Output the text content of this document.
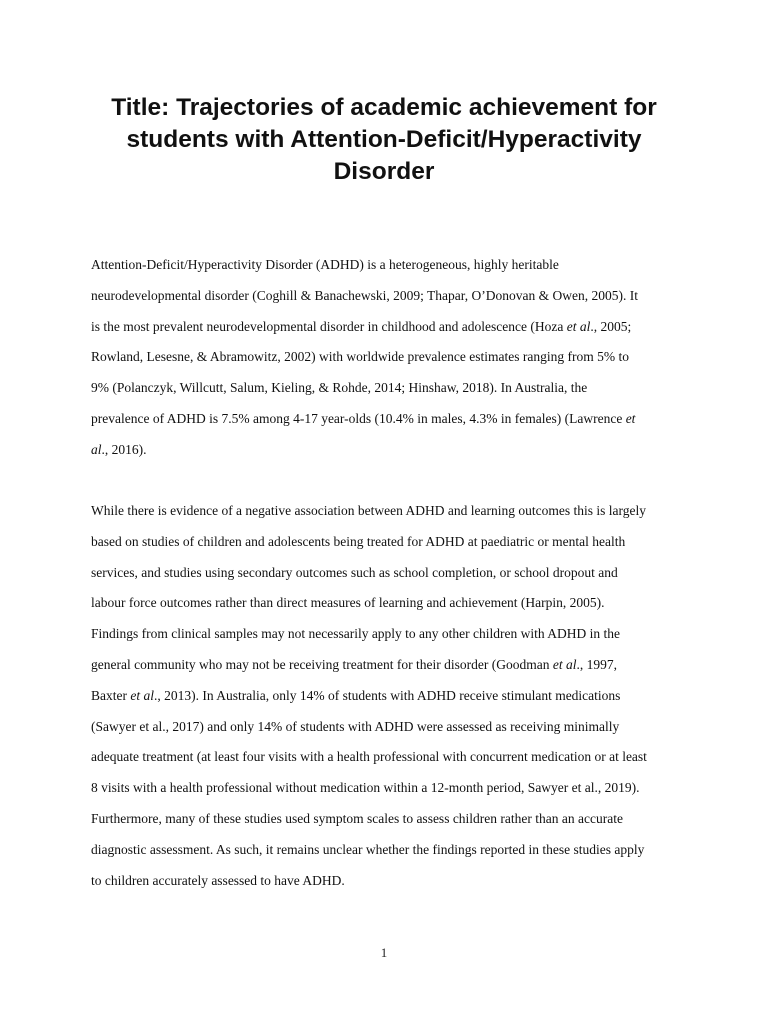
Title: Trajectories of academic achievement for
students with Attention-Deficit/Hyperactivity
Disorder

Attention-Deficit/Hyperactivity Disorder (ADHD) is a heterogeneous, highly heritable
neurodevelopmental disorder (Coghill & Banachewski, 2009; Thapar, O’Donovan & Owen, 2005). It
is the most prevalent neurodevelopmental disorder in childhood and adolescence (Hoza et al., 2005;
Rowland, Lesesne, & Abramowitz, 2002) with worldwide prevalence estimates ranging from 5% to
9% (Polanczyk, Willcutt, Salum, Kieling, & Rohde, 2014; Hinshaw, 2018). In Australia, the
prevalence of ADHD is 7.5% among 4-17 year-olds (10.4% in males, 4.3% in females) (Lawrence et
al., 2016).

While there is evidence of a negative association between ADHD and learning outcomes this is largely
based on studies of children and adolescents being treated for ADHD at paediatric or mental health
services, and studies using secondary outcomes such as school completion, or school dropout and
labour force outcomes rather than direct measures of learning and achievement (Harpin, 2005).
Findings from clinical samples may not necessarily apply to any other children with ADHD in the
general community who may not be receiving treatment for their disorder (Goodman et al., 1997,
Baxter et al., 2013). In Australia, only 14% of students with ADHD receive stimulant medications
(Sawyer et al., 2017) and only 14% of students with ADHD were assessed as receiving minimally
adequate treatment (at least four visits with a health professional with concurrent medication or at least
8 visits with a health professional without medication within a 12-month period, Sawyer et al., 2019).
Furthermore, many of these studies used symptom scales to assess children rather than an accurate
diagnostic assessment. As such, it remains unclear whether the findings reported in these studies apply
to children accurately assessed to have ADHD.

1
